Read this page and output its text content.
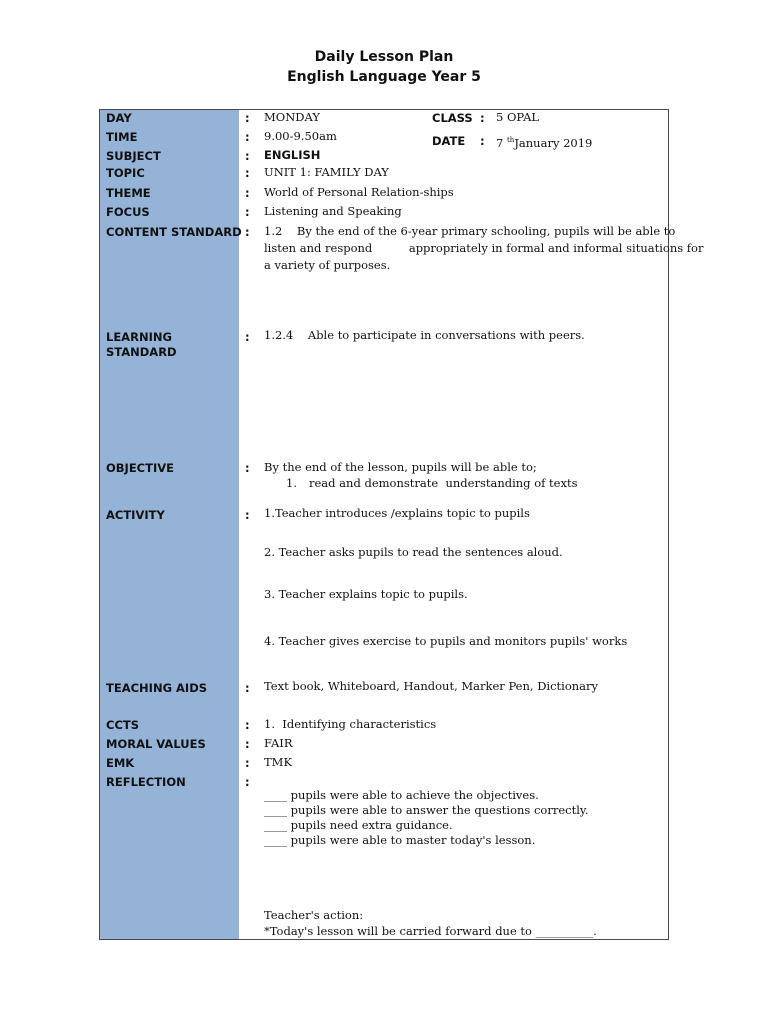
Daily Lesson Plan
English Language Year 5
DAY	: MONDAY	CLASS : 5 OPAL
TIME	: 9.00-9.50am	DATE : 7 $^{th}$January 2019
SUBJECT	: ENGLISH
TOPIC	: UNIT 1: FAMILY DAY
THEME	: World of Personal Relation-ships
FOCUS	: Listening and Speaking
CONTENT STANDARD : 1.2    By the end of the 6-year primary schooling, pupils will be able to
listen and respond          appropriately in formal and informal situations for
a variety of purposes.
LEARNING
STANDARD
: 1.2.4    Able to participate in conversations with peers.
OBJECTIVE	: By the end of the lesson, pupils will be able to;
1. read and demonstrate  understanding of texts
ACTIVITY	: 1.Teacher introduces /explains topic to pupils
2. Teacher asks pupils to read the sentences aloud.
3. Teacher explains topic to pupils.
4. Teacher gives exercise to pupils and monitors pupils' works
TEACHING AIDS	: Text book, Whiteboard, Handout, Marker Pen, Dictionary
CCTS	: 1.  Identifying characteristics
MORAL VALUES	: FAIR
EMK	: TMK
REFLECTION	:
____ pupils were able to achieve the objectives.
____ pupils were able to answer the questions correctly.
____ pupils need extra guidance.
____ pupils were able to master today's lesson.
Teacher's action:
*Today's lesson will be carried forward due to __________.
